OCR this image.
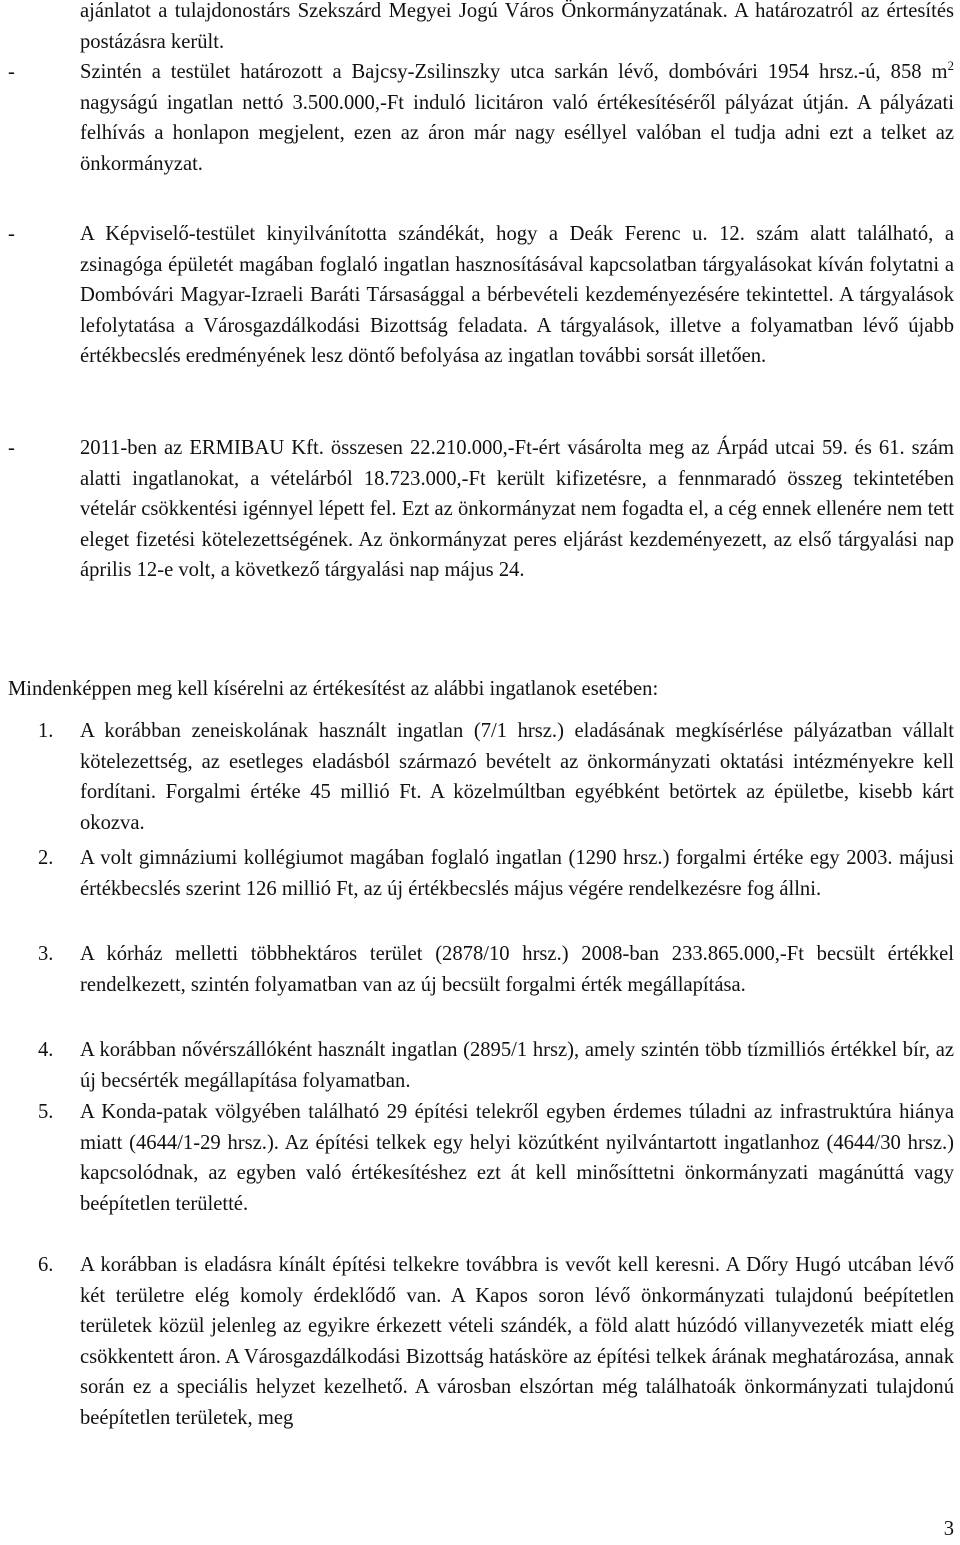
ajánlatot a tulajdonostárs Szekszárd Megyei Jogú Város Önkormányzatának. A határozatról az értesítés postázásra került.
-	Szintén a testület határozott a Bajcsy-Zsilinszky utca sarkán lévő, dombóvári 1954 hrsz.-ú, 858 $m^2$ nagyságú ingatlan nettó 3.500.000,-Ft induló licitáron való értékesítéséről pályázat útján. A pályázati felhívás a honlapon megjelent, ezen az áron már nagy eséllyel valóban el tudja adni ezt a telket az önkormányzat.
-	A Képviselő-testület kinyilvánította szándékát, hogy a Deák Ferenc u. 12. szám alatt található, a zsinagóga épületét magában foglaló ingatlan hasznosításával kapcsolatban tárgyalásokat kíván folytatni a Dombóvári Magyar-Izraeli Baráti Társasággal a bérbevételi kezdeményezésére tekintettel. A tárgyalások lefolytatása a Városgazdálkodási Bizottság feladata. A tárgyalások, illetve a folyamatban lévő újabb értékbecslés eredményének lesz döntő befolyása az ingatlan további sorsát illetően.
-	2011-ben az ERMIBAU Kft. összesen 22.210.000,-Ft-ért vásárolta meg az Árpád utcai 59. és 61. szám alatti ingatlanokat, a vételárból 18.723.000,-Ft került kifizetésre, a fennmaradó összeg tekintetében vételár csökkentési igénnyel lépett fel. Ezt az önkormányzat nem fogadta el, a cég ennek ellenére nem tett eleget fizetési kötelezettségének. Az önkormányzat peres eljárást kezdeményezett, az első tárgyalási nap április 12-e volt, a következő tárgyalási nap május 24.
Mindenképpen meg kell kísérelni az értékesítést az alábbi ingatlanok esetében:
1.	A korábban zeneiskolának használt ingatlan (7/1 hrsz.) eladásának megkísérlése pályázatban vállalt kötelezettség, az esetleges eladásból származó bevételt az önkormányzati oktatási intézményekre kell fordítani. Forgalmi értéke 45 millió Ft. A közelmúltban egyébként betörtek az épületbe, kisebb kárt okozva.
2.	A volt gimnáziumi kollégiumot magában foglaló ingatlan (1290 hrsz.) forgalmi értéke egy 2003. májusi értékbecslés szerint 126 millió Ft, az új értékbecslés május végére rendelkezésre fog állni.
3.	A kórház melletti többhektáros terület (2878/10 hrsz.) 2008-ban 233.865.000,-Ft becsült értékkel rendelkezett, szintén folyamatban van az új becsült forgalmi érték megállapítása.
4.	A korábban nővérszállóként használt ingatlan (2895/1 hrsz), amely szintén több tízmilliós értékkel bír, az új becsérték megállapítása folyamatban.
5.	A Konda-patak völgyében található 29 építési telekről egyben érdemes túladni az infrastruktúra hiánya miatt (4644/1-29 hrsz.). Az építési telkek egy helyi közútként nyilvántartott ingatlanhoz (4644/30 hrsz.) kapcsolódnak, az egyben való értékesítéshez ezt át kell minősíttetni önkormányzati magánúttá vagy beépítetlen területté.
6.	A korábban is eladásra kínált építési telkekre továbbra is vevőt kell keresni. A Dőry Hugó utcában lévő két területre elég komoly érdeklődő van. A Kapos soron lévő önkormányzati tulajdonú beépítetlen területek közül jelenleg az egyikre érkezett vételi szándék, a föld alatt húzódó villanyvezeték miatt elég csökkentett áron. A Városgazdálkodási Bizottság hatásköre az építési telkek árának meghatározása, annak során ez a speciális helyzet kezelhető. A városban elszórtan még találhatoák önkormányzati tulajdonú beépítetlen területek, meg
3
